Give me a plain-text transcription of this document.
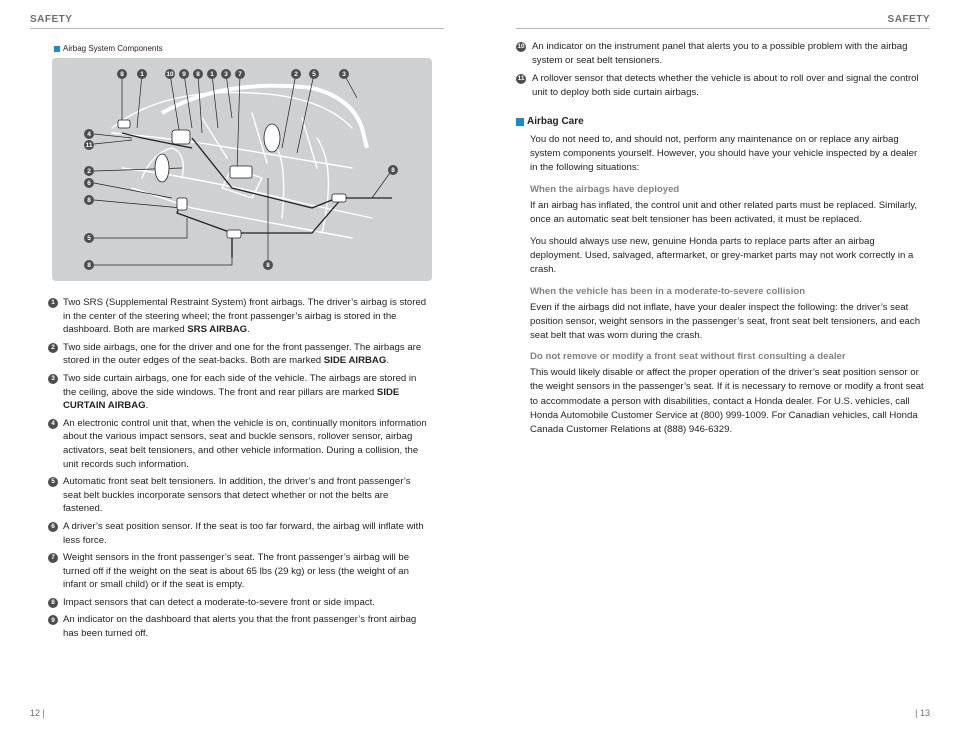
SAFETY
Airbag System Components
8	1	10	9	8	1	3	7	2	5	3
4
11
2
6
8
5
8
8
8
1 Two SRS (Supplemental Restraint System) front airbags. The driver’s airbag is stored in the center of the steering wheel; the front passenger’s airbag is stored in the dashboard. Both are marked SRS AIRBAG.
2 Two side airbags, one for the driver and one for the front passenger. The airbags are stored in the outer edges of the seat-backs. Both are marked SIDE AIRBAG.
3 Two side curtain airbags, one for each side of the vehicle. The airbags are stored in the ceiling, above the side windows. The front and rear pillars are marked SIDE CURTAIN AIRBAG.
4 An electronic control unit that, when the vehicle is on, continually monitors information about the various impact sensors, seat and buckle sensors, rollover sensor, airbag activators, seat belt tensioners, and other vehicle information. During a collision, the unit records such information.
5 Automatic front seat belt tensioners. In addition, the driver’s and front passenger’s seat belt buckles incorporate sensors that detect whether or not the belts are fastened.
6 A driver’s seat position sensor. If the seat is too far forward, the airbag will inflate with less force.
7 Weight sensors in the front passenger’s seat. The front passenger’s airbag will be turned off if the weight on the seat is about 65 lbs (29 kg) or less (the weight of an infant or small child) or if the seat is empty.
8 Impact sensors that can detect a moderate-to-severe front or side impact.
9 An indicator on the dashboard that alerts you that the front passenger’s front airbag has been turned off.
12 |
SAFETY
10 An indicator on the instrument panel that alerts you to a possible problem with the airbag system or seat belt tensioners.
11 A rollover sensor that detects whether the vehicle is about to roll over and signal the control unit to deploy both side curtain airbags.
Airbag Care

You do not need to, and should not, perform any maintenance on or replace any airbag system components yourself. However, you should have your vehicle inspected by a dealer in the following situations:

When the airbags have deployed

If an airbag has inflated, the control unit and other related parts must be replaced. Similarly, once an automatic seat belt tensioner has been activated, it must be replaced.

You should always use new, genuine Honda parts to replace parts after an airbag deployment. Used, salvaged, aftermarket, or grey-market parts may not work correctly in a crash.

When the vehicle has been in a moderate-to-severe collision

Even if the airbags did not inflate, have your dealer inspect the following: the driver’s seat position sensor, weight sensors in the passenger’s seat, front seat belt tensioners, and each seat belt that was worn during the crash.

Do not remove or modify a front seat without first consulting a dealer

This would likely disable or affect the proper operation of the driver’s seat position sensor or the weight sensors in the passenger’s seat. If it is necessary to remove or modify a front seat to accommodate a person with disabilities, contact a Honda dealer. For U.S. vehicles, call Honda Automobile Customer Service at (800) 999-1009. For Canadian vehicles, call Honda Canada Customer Relations at (888) 946-6329.

| 13
